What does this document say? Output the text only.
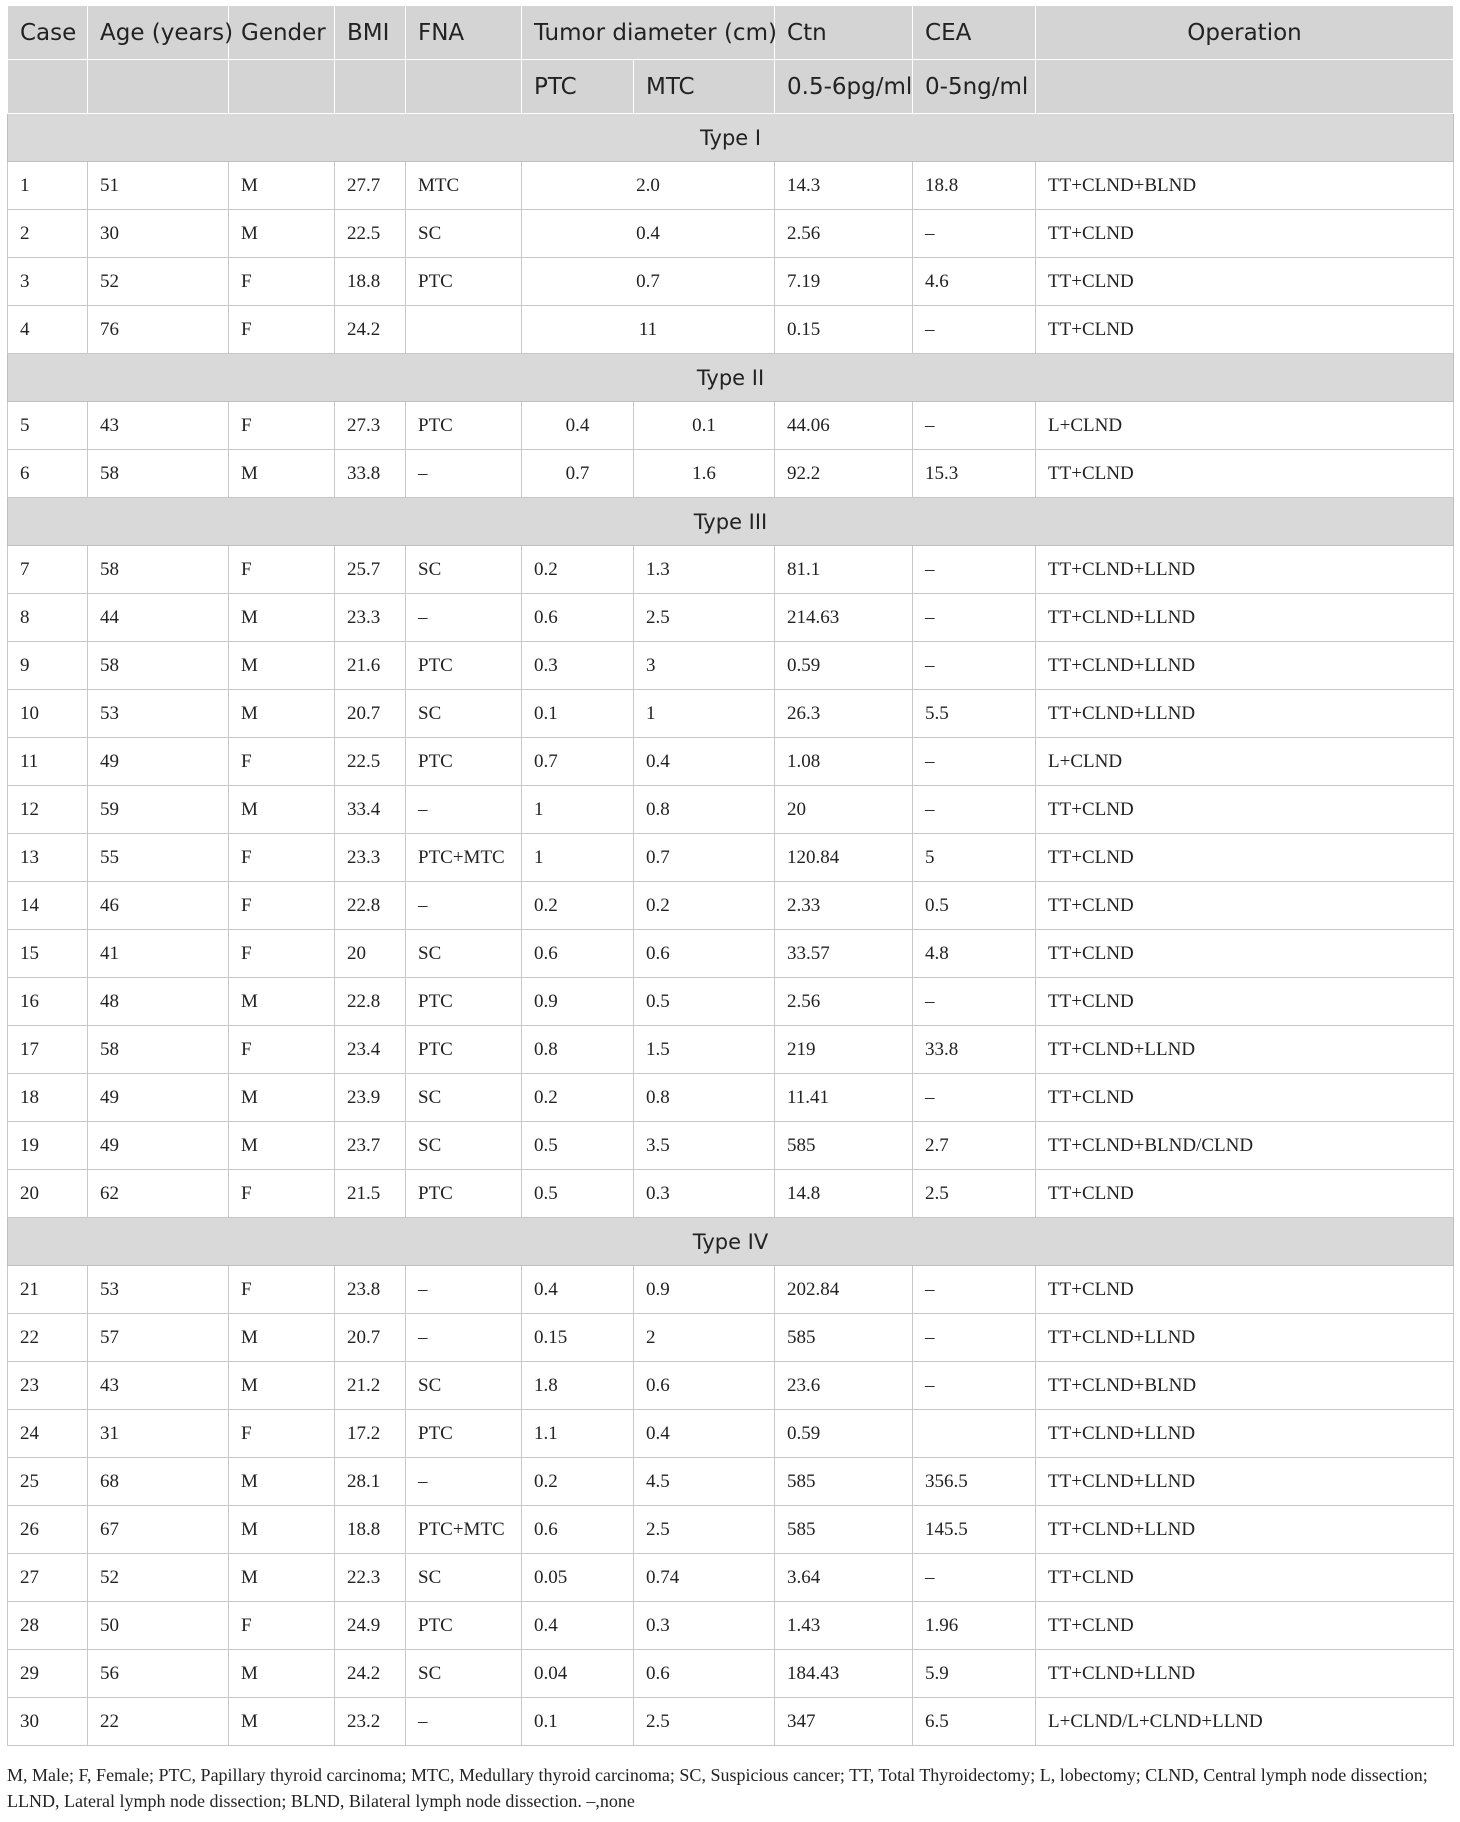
Case	Age (years)	Gender	BMI	FNA	Tumor diameter (cm)		Ctn	CEA	Operation
					PTC	MTC	0.5-6pg/ml	0-5ng/ml	
Type I									
1	51	M	27.7	MTC	2.0		14.3	18.8	TT+CLND+BLND
2	30	M	22.5	SC	0.4		2.56	–	TT+CLND
3	52	F	18.8	PTC	0.7		7.19	4.6	TT+CLND
4	76	F	24.2		11		0.15	–	TT+CLND
Type II									
5	43	F	27.3	PTC	0.4	0.1	44.06	–	L+CLND
6	58	M	33.8	–	0.7	1.6	92.2	15.3	TT+CLND
Type III									
7	58	F	25.7	SC	0.2	1.3	81.1	–	TT+CLND+LLND
8	44	M	23.3	–	0.6	2.5	214.63	–	TT+CLND+LLND
9	58	M	21.6	PTC	0.3	3	0.59	–	TT+CLND+LLND
10	53	M	20.7	SC	0.1	1	26.3	5.5	TT+CLND+LLND
11	49	F	22.5	PTC	0.7	0.4	1.08	–	L+CLND
12	59	M	33.4	–	1	0.8	20	–	TT+CLND
13	55	F	23.3	PTC+MTC	1	0.7	120.84	5	TT+CLND
14	46	F	22.8	–	0.2	0.2	2.33	0.5	TT+CLND
15	41	F	20	SC	0.6	0.6	33.57	4.8	TT+CLND
16	48	M	22.8	PTC	0.9	0.5	2.56	–	TT+CLND
17	58	F	23.4	PTC	0.8	1.5	219	33.8	TT+CLND+LLND
18	49	M	23.9	SC	0.2	0.8	11.41	–	TT+CLND
19	49	M	23.7	SC	0.5	3.5	585	2.7	TT+CLND+BLND/CLND
20	62	F	21.5	PTC	0.5	0.3	14.8	2.5	TT+CLND
Type IV									
21	53	F	23.8	–	0.4	0.9	202.84	–	TT+CLND
22	57	M	20.7	–	0.15	2	585	–	TT+CLND+LLND
23	43	M	21.2	SC	1.8	0.6	23.6	–	TT+CLND+BLND
24	31	F	17.2	PTC	1.1	0.4	0.59		TT+CLND+LLND
25	68	M	28.1	–	0.2	4.5	585	356.5	TT+CLND+LLND
26	67	M	18.8	PTC+MTC	0.6	2.5	585	145.5	TT+CLND+LLND
27	52	M	22.3	SC	0.05	0.74	3.64	–	TT+CLND
28	50	F	24.9	PTC	0.4	0.3	1.43	1.96	TT+CLND
29	56	M	24.2	SC	0.04	0.6	184.43	5.9	TT+CLND+LLND
30	22	M	23.2	–	0.1	2.5	347	6.5	L+CLND/L+CLND+LLND
M, Male; F, Female; PTC, Papillary thyroid carcinoma; MTC, Medullary thyroid carcinoma; SC, Suspicious cancer; TT, Total Thyroidectomy; L, lobectomy; CLND, Central lymph node dissection; LLND, Lateral lymph node dissection; BLND, Bilateral lymph node dissection. –,none
